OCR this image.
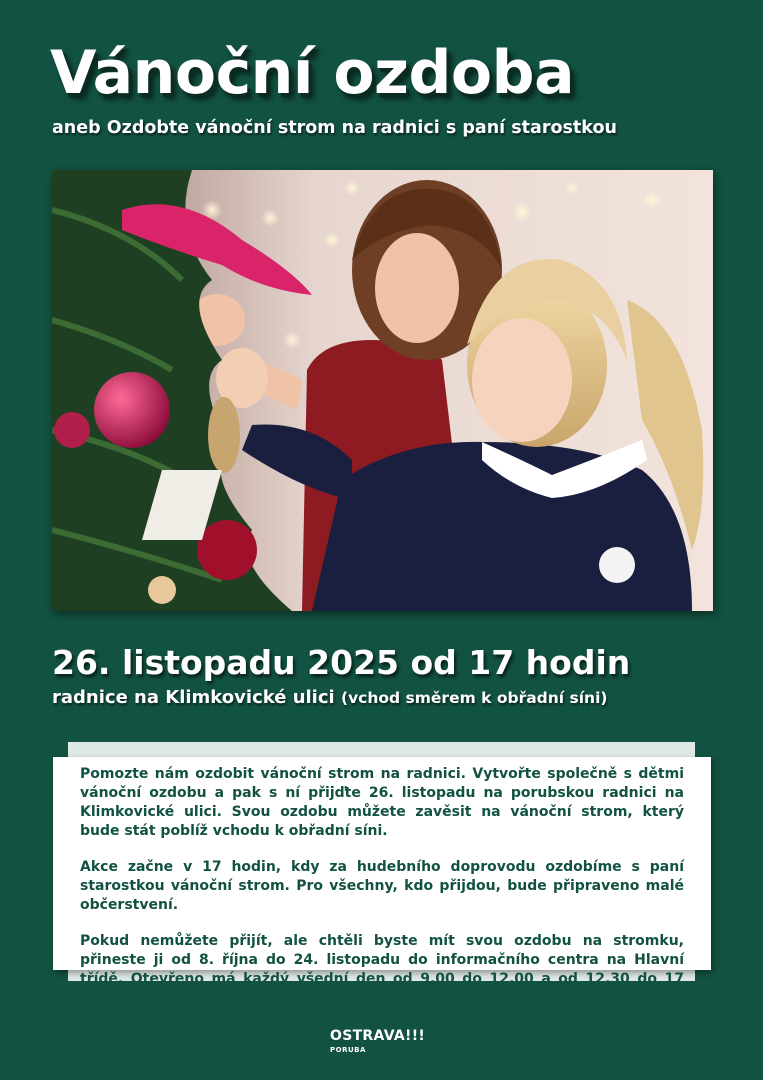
Vánoční ozdoba
aneb Ozdobte vánoční strom na radnici s paní starostkou
26. listopadu 2025 od 17 hodin
radnice na Klimkovické ulici (vchod směrem k obřadní síni)

Pomozte nám ozdobit vánoční strom na radnici. Vytvořte společně s dětmi vánoční ozdobu a pak s ní přijďte 26. listopadu na porubskou radnici na Klimkovické ulici. Svou ozdobu můžete zavěsit na vánoční strom, který bude stát poblíž vchodu k obřadní síni.

Akce začne v 17 hodin, kdy za hudebního doprovodu ozdobíme s paní starostkou vánoční strom. Pro všechny, kdo přijdou, bude připraveno malé občerstvení.

Pokud nemůžete přijít, ale chtěli byste mít svou ozdobu na stromku, přineste ji od 8. října do 24. listopadu do informačního centra na Hlavní třídě. Otevřeno má každý všední den od 9.00 do 12.00 a od 12.30 do 17 hodin.

OSTRAVA!!!
PORUBA
